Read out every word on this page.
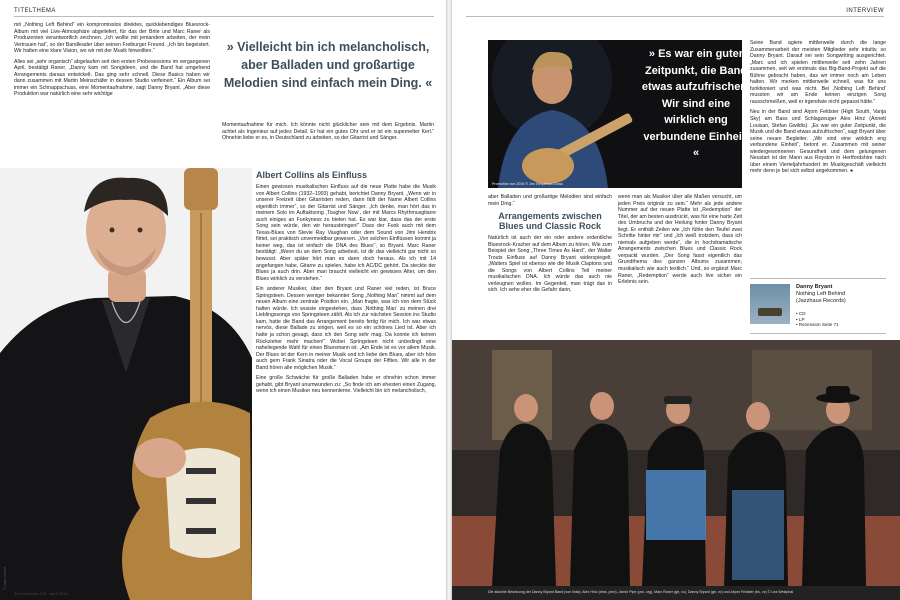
TITELTHEMA

mit „Nothing Left Behind“ ein kompromisslos direktes, quicklebendiges Bluesrock-Album mit viel Live-Atmosphäre abgeliefert, für das der Brite und Marc Raner als Produzenten verantwortlich zeichnen. „Ich wollte mit jemandem arbeiten, der mein Vertrauen hat“, so der Bandleader über seinen Freiburger Freund. „Ich bin begeistert. Wir hatten eine klare Vision, wo wir mit der Musik hinwollten.“

Alles sei „sehr organisch“ abgelaufen seit den ersten Probesessions im vergangenen April, bestätigt Raner. „Danny kam mit Songideen, und die Band hat umgehend Arrangements daraus entwickelt. Das ging sehr schnell. Diese Basics haben wir dann zusammen mit Martin Meinschäfer in dessen Studio verfeinert.“ Ein Album sei immer ein Schnappschuss, eine Momentaufnahme, sagt Danny Bryant. „Aber diese Produktion war natürlich eine sehr wichtige

» Vielleicht bin ich melancholisch, aber Balladen und großartige Melodien sind einfach mein Ding. «

Momentaufnahme für mich. Ich könnte nicht glücklicher sein mit dem Ergebnis. Martin achtet als Ingenieur auf jedes Detail. Er hat ein gutes Ohr und er ist ein supernetter Kerl.“ Ohnehin liebe er es, in Deutschland zu arbeiten, so der Gitarrist und Sänger.

Albert Collins als Einfluss

Einen gewissen musikalischen Einfluss auf die neue Platte habe die Musik von Albert Collins (1932–1993) gehabt, berichtet Danny Bryant. „Wenn wir in unserer Freizeit über Gitarristen reden, dann fällt der Name Albert Collins eigentlich immer“, so der Gitarrist und Sänger. „Ich denke, man hört das in meinem Solo im Auftaktsong ‚Tougher Now‘, der mit Marcs Rhythmusgitarre auch einiges an Funkyness zu bieten hat. Es war klar, dass das der erste Song sein würde, den wir herausbringen!“ Dass der Funk auch mit dem Texas-Blues von Stevie Ray Vaughan oder dem Sound von Jimi Hendrix flirtet, sei praktisch unvermeidbar gewesen. „Von solchen Einflüssen kommt ja keiner weg, das ist einfach die DNA des Blues“, so Bryant. Marc Raner bestätigt: „Wenn du an dem Song arbeitest, ist dir das vielleicht gar nicht so bewusst. Aber später hört man es dann doch heraus. Als ich mit 14 angefangen habe, Gitarre zu spielen, habe ich AC/DC gehört. Da steckte der Blues ja auch drin. Aber man braucht vielleicht ein gewisses Alter, um den Blues wirklich zu verstehen.“

Ein anderer Musiker, über den Bryant und Raner viel reden, ist Bruce Springsteen. Dessen weniger bekannter Song „Nothing Man“ nimmt auf dem neuen Album eine zentrale Position ein. „Man fragte, was ich von dem Stück halten würde. Ich wusste eingestehen, dass ‚Nothing Man‘ zu meinen drei Lieblingssongs von Springsteen zählt. Als ich zur nächsten Session ins Studio kam, hatte die Band das Arrangement bereits fertig für mich. Ich war etwas nervös, diese Ballade zu singen, weil es so ein schönes Lied ist. Aber ich hatte ja schon gesagt, dass ich den Song sehr mag. Da konnte ich keinen Rückzieher mehr machen!“ Wobei Springsteen nicht unbedingt eine naheliegende Wahl für einen Bluesmann ist. „Am Ende ist es vor allem Musik. Der Blues ist der Kern in meiner Musik und ich liebe den Blues, aber ich höre auch gern Frank Sinatra oder die Vocal Groups der Fifties. Wir alle in der Band hören alle möglichen Musik.“

Eine große Schwäche für große Balladen habe er ohnehin schon immer gehabt, gibt Bryant unumwunden zu: „So finde ich am ehesten einen Zugang, wenn ich einen Musiker neu kennenlerne. Vielleicht bin ich melancholisch,

© Jaap Hobert
30 bluesnews 105 · April 2026
INTERVIEW
» Es war ein guter Zeitpunkt, die Band etwas aufzufrischen. Wir sind eine wirklich eng verbundene Einheit. «
Promofoto von 2016 © Jim Templeton-Cross

aber Balladen und großartige Melodien sind einfach mein Ding.“

Arrangements zwischen Blues und Classic Rock

Natürlich ist auch der ein oder andere ordentliche Bluesrock-Kracher auf dem Album zu hören. Wie zum Beispiel der Song „Three Times As Hard“, der Walter Trouts Einfluss auf Danny Bryant widerspiegelt. „Walters Spiel ist ebenso wie die Musik Claptons und die Songs von Albert Collins Teil meiner musikalischen DNA. Ich würde das auch nie verleugnen wollen. Im Gegenteil, man trägt das in sich. Ich sehe eher die Gefahr darin,

wenn man als Musiker über alle Maßen versucht, um jeden Preis originär zu sein.“ Mehr als jede andere Nummer auf der neuen Platte ist „Redemption“ der Titel, der am besten ausdrückt, was für eine harte Zeit des Umbruchs und der Heilung hinter Danny Bryant liegt. Er enthält Zeilen wie „Ich fühle den Teufel zwei Schritte hinter mir“ und „Ich weiß trotzdem, dass ich niemals aufgeben werde“, die in hochdramatische Arrangements zwischen Blues und Classic Rock verpackt wurden. „Der Song fasst eigentlich das Grundthema des ganzen Albums zusammen, musikalisch wie auch textlich.“ Und, so ergänzt Marc Raner, „Redemption“ werde auch live sicher ein Erlebnis sein.

Seine Band agiere mittlerweile durch die lange Zusammenarbeit der meisten Mitglieder sehr intuitiv, so Danny Bryant. Darauf sei sein Songwriting ausgerichtet. „Marc und ich spielen mittlerweile seit zehn Jahren zusammen, seit wir erstmals das Big-Band-Projekt auf die Bühne gebracht haben, das wir immer noch am Leben halten. Wir merken mittlerweile schnell, was für uns funktioniert und was nicht. Bei ‚Nothing Left Behind‘ mussten wir am Ende keinen einzigen Song rausschmeißen, weil er irgendwie nicht gepasst hätte.“

Neu in der Band sind Arjom Feldster (High South, Vanja Sky) am Bass und Schlagzeuger Alex Hinz (Annett Louisan, Stefan Gwildis). „Es war ein guter Zeitpunkt, die Musik und die Band etwas aufzufrischen“, sagt Bryant über seine neuen Begleiter. „Wir sind eine wirklich eng verbundene Einheit“, betont er. Zusammen mit seiner wiedergewonnenen Gesundheit und dem gelungenen Neustart ist der Mann aus Royston in Hertfordshire nach über einem Vierteljahrhundert im Musikgeschäft vielleicht mehr denn je bei sich selbst angekommen. ●

Danny Bryant
Nothing Left Behind
(Jazzhaus Records)
• CD
• LP
• Rezension Seite 71
Die aktuelle Besetzung der Danny Bryant Band (von links): Alex Hinz (dms, perc), Jamie Pipe (pro, org), Marc Raner (gtr, vc), Danny Bryant (gtr, vc) und Arjom Feldster (bs, vc) © Lea Westphal
